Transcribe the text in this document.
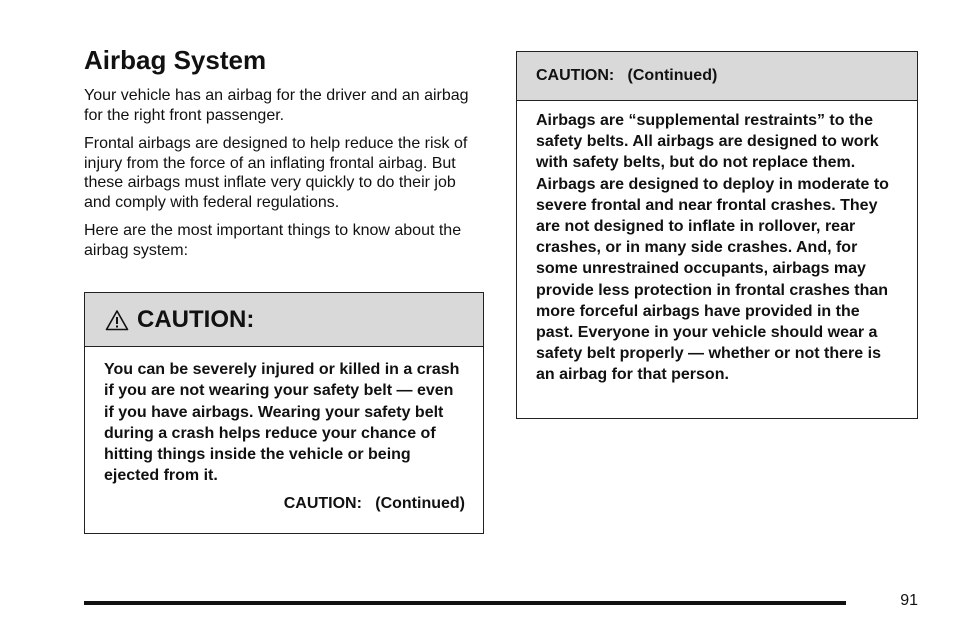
Airbag System

Your vehicle has an airbag for the driver and an airbag for the right front passenger.

Frontal airbags are designed to help reduce the risk of injury from the force of an inflating frontal airbag. But these airbags must inflate very quickly to do their job and comply with federal regulations.

Here are the most important things to know about the airbag system:

CAUTION:
You can be severely injured or killed in a crash if you are not wearing your safety belt — even if you have airbags. Wearing your safety belt during a crash helps reduce your chance of hitting things inside the vehicle or being ejected from it.
CAUTION:   (Continued)
CAUTION:   (Continued)
Airbags are “supplemental restraints” to the safety belts. All airbags are designed to work with safety belts, but do not replace them. Airbags are designed to deploy in moderate to severe frontal and near frontal crashes. They are not designed to inflate in rollover, rear crashes, or in many side crashes. And, for some unrestrained occupants, airbags may provide less protection in frontal crashes than more forceful airbags have provided in the past. Everyone in your vehicle should wear a safety belt properly — whether or not there is an airbag for that person.
91
